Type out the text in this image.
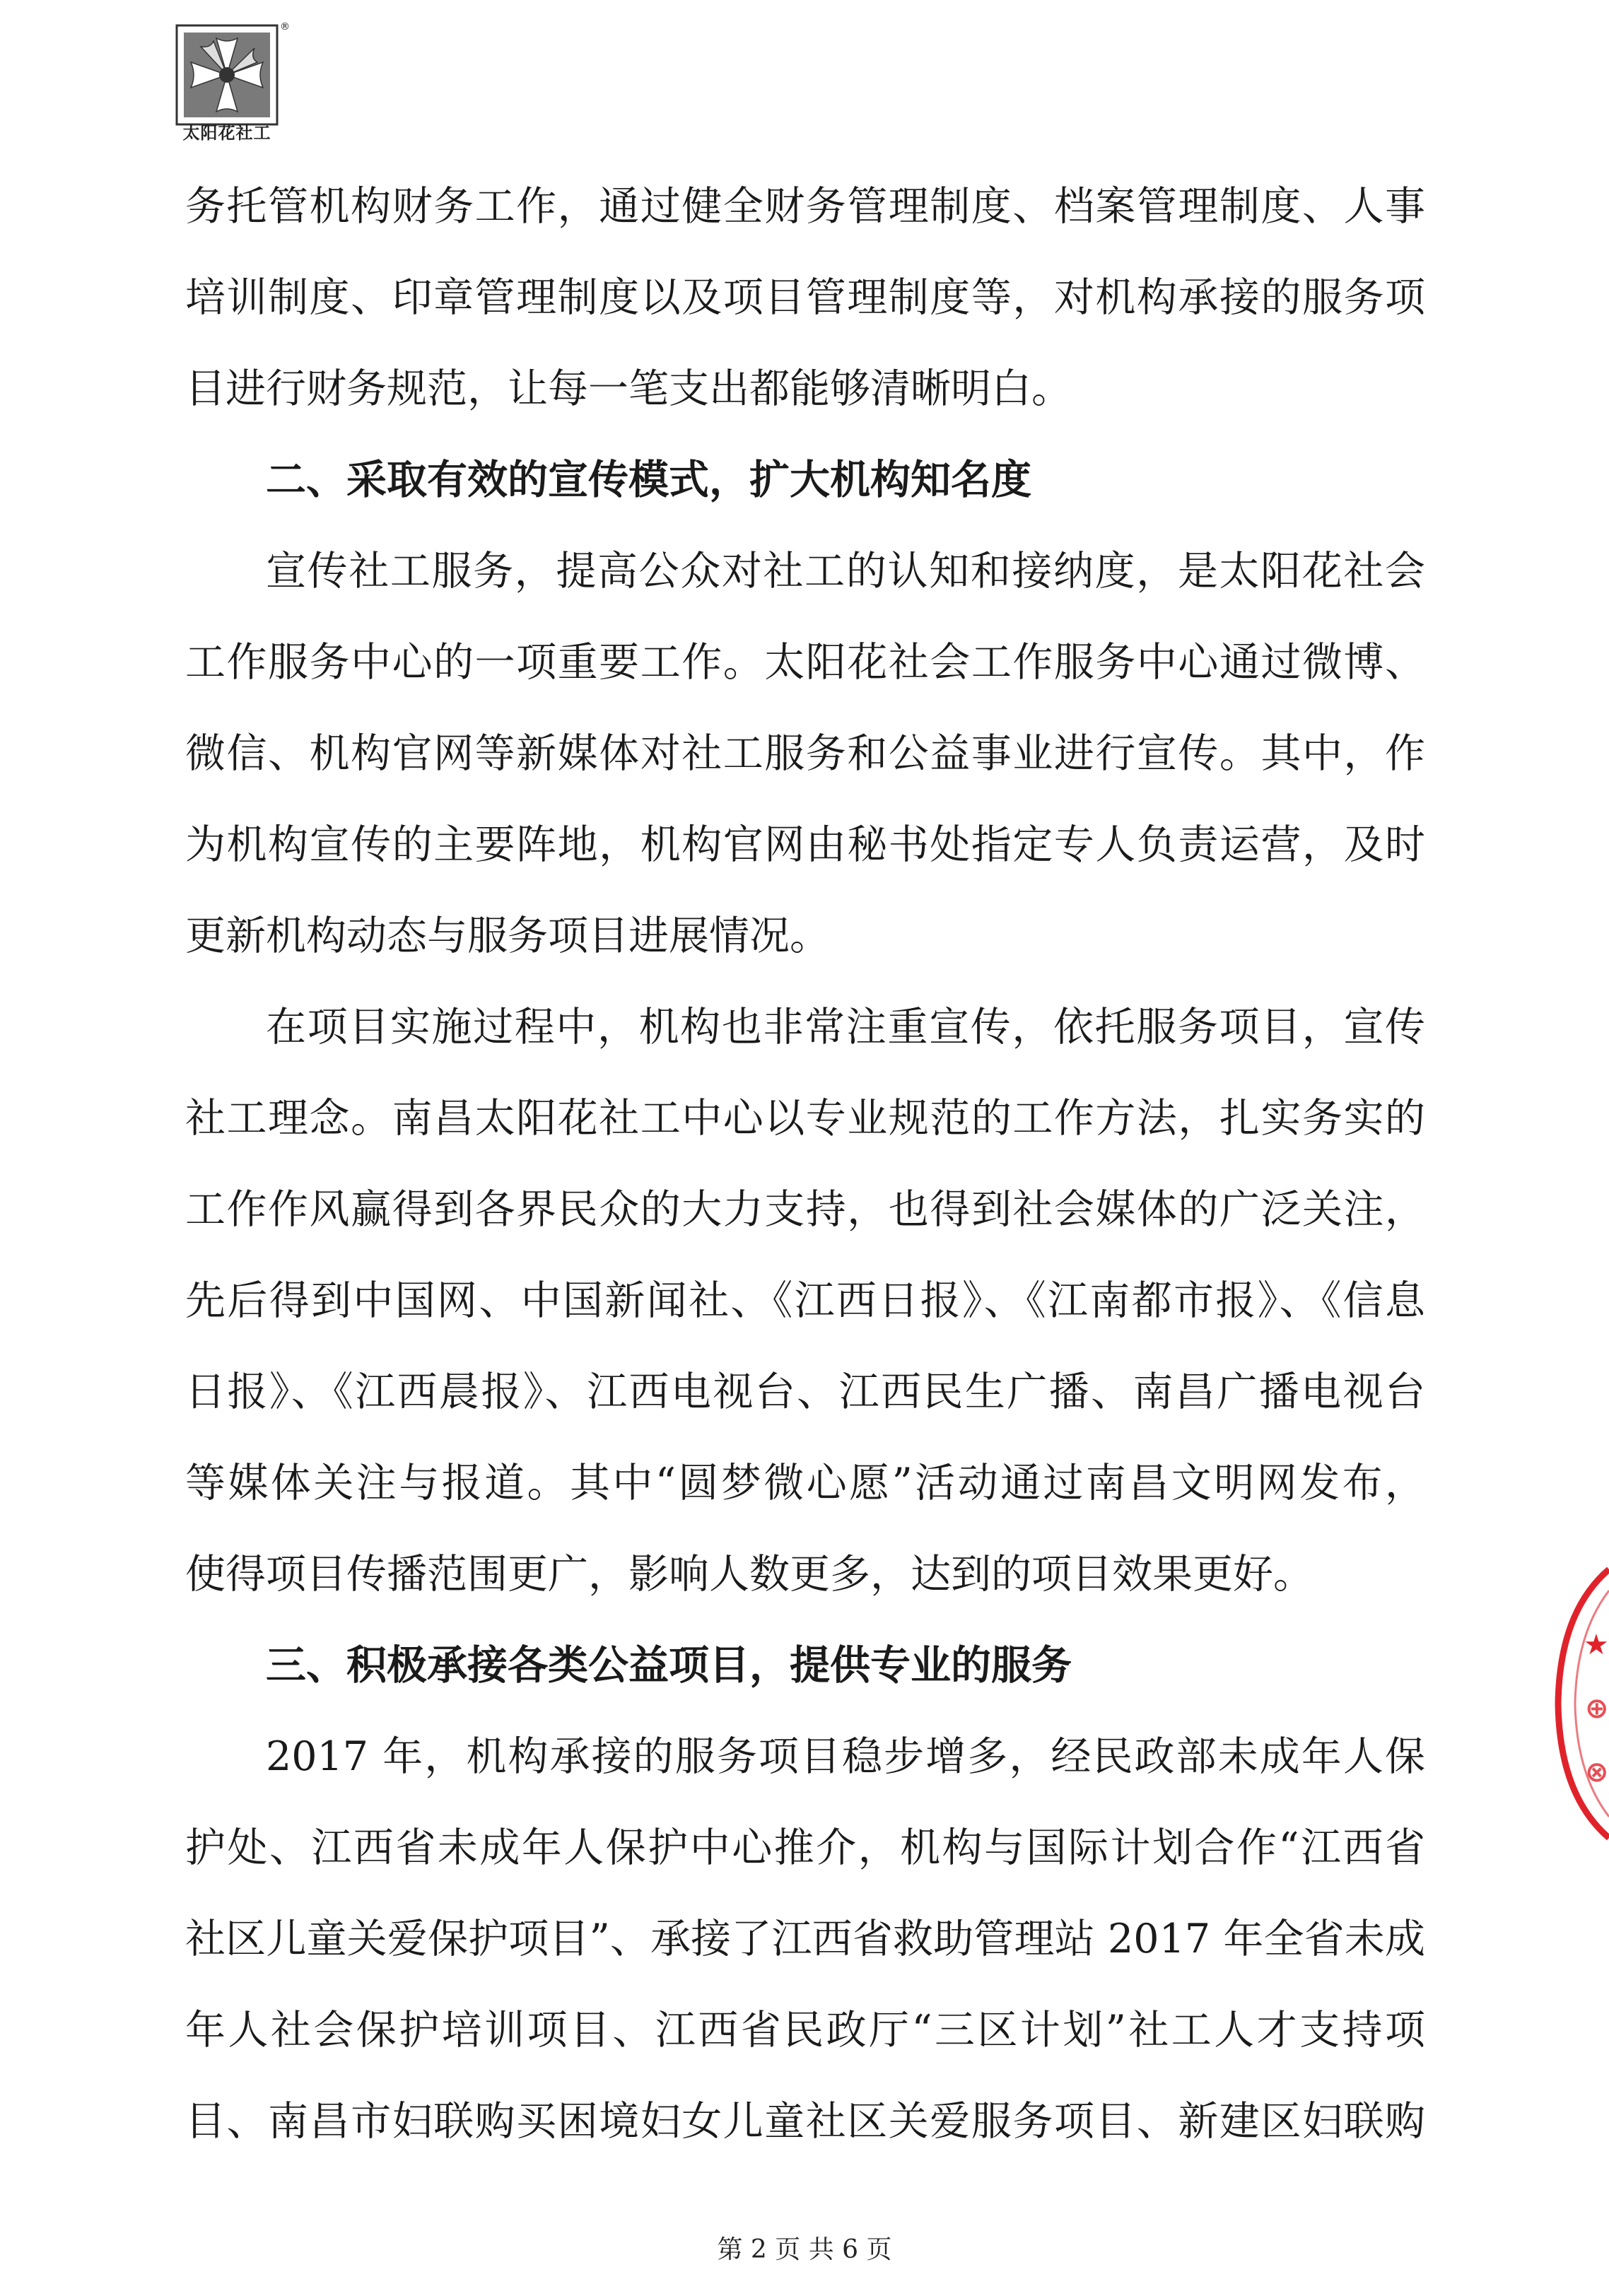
太阳花社工
®
务托管机构财务工作，通过健全财务管理制度、档案管理制度、人事
培训制度、印章管理制度以及项目管理制度等，对机构承接的服务项
目进行财务规范，让每一笔支出都能够清晰明白。
二、采取有效的宣传模式，扩大机构知名度
宣传社工服务，提高公众对社工的认知和接纳度，是太阳花社会
工作服务中心的一项重要工作。太阳花社会工作服务中心通过微博、
微信、机构官网等新媒体对社工服务和公益事业进行宣传。其中，作
为机构宣传的主要阵地，机构官网由秘书处指定专人负责运营，及时
更新机构动态与服务项目进展情况。
在项目实施过程中，机构也非常注重宣传，依托服务项目，宣传
社工理念。南昌太阳花社工中心以专业规范的工作方法，扎实务实的
工作作风赢得到各界民众的大力支持，也得到社会媒体的广泛关注，
先后得到中国网、中国新闻社、《江西日报》、《江南都市报》、《信息
日报》、《江西晨报》、江西电视台、江西民生广播、南昌广播电视台
等媒体关注与报道。其中“圆梦微心愿”活动通过南昌文明网发布，
使得项目传播范围更广，影响人数更多，达到的项目效果更好。
三、积极承接各类公益项目，提供专业的服务
2017 年，机构承接的服务项目稳步增多，经民政部未成年人保
护处、江西省未成年人保护中心推介，机构与国际计划合作“江西省
社区儿童关爱保护项目”、承接了江西省救助管理站 2017 年全省未成
年人社会保护培训项目、江西省民政厅“三区计划”社工人才支持项
目、南昌市妇联购买困境妇女儿童社区关爱服务项目、新建区妇联购
★
⊕
⊗
第 2 页 共 6 页
